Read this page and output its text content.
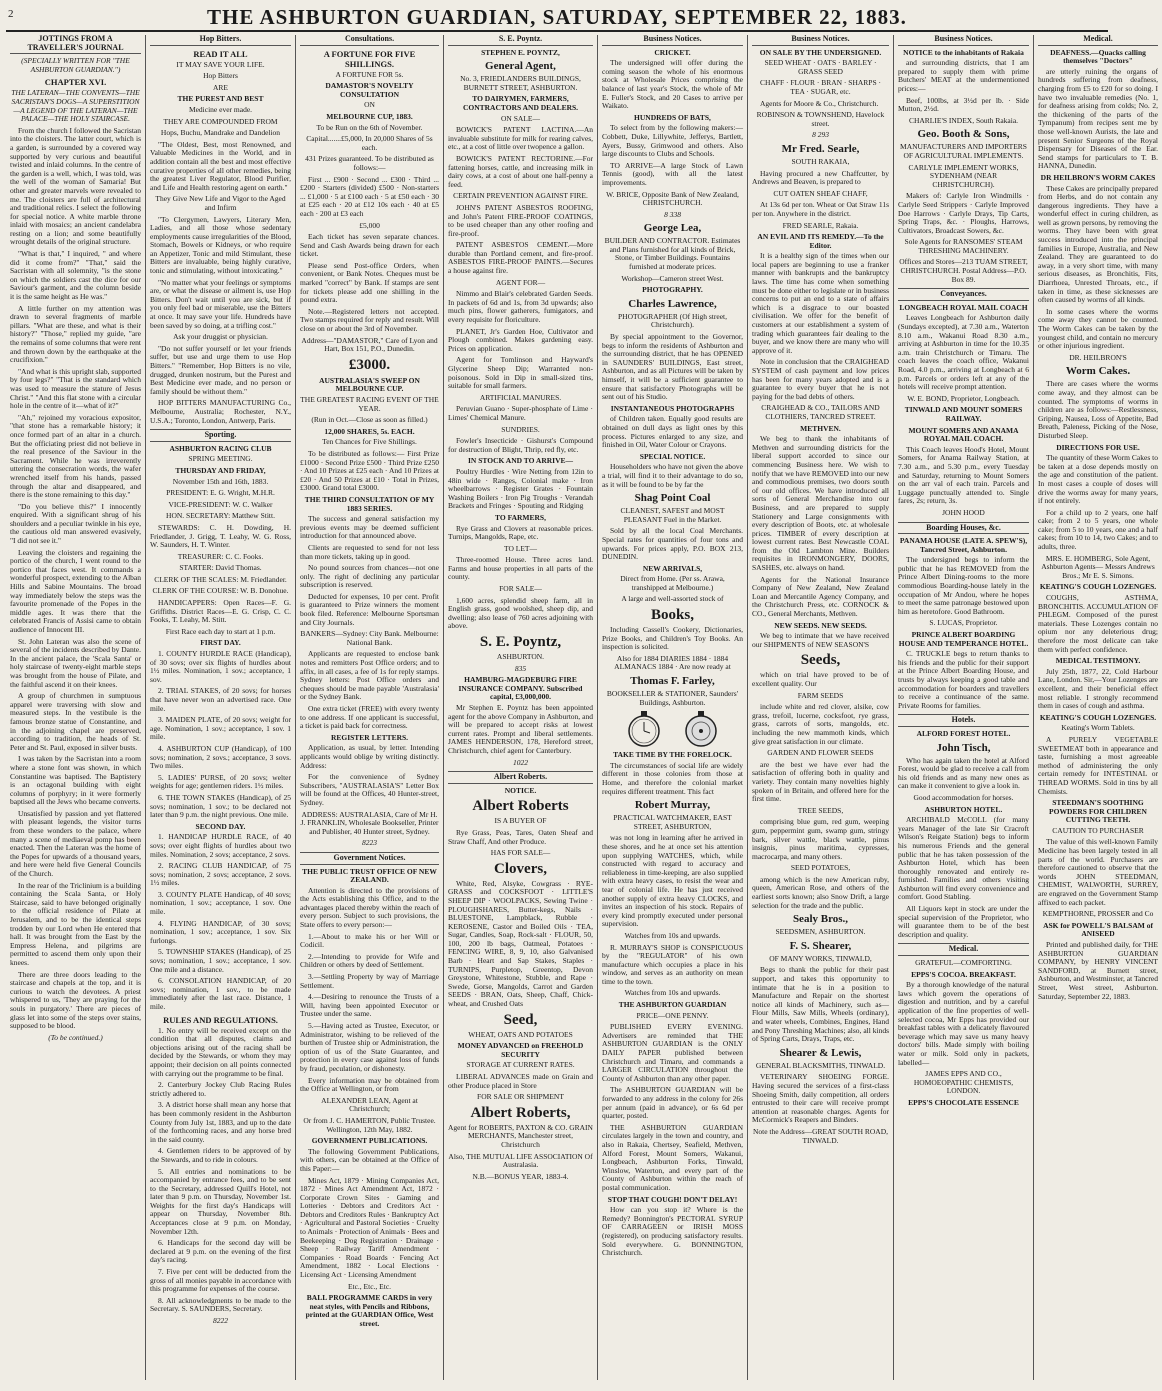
2	THE ASHBURTON GUARDIAN, SATURDAY, SEPTEMBER 22, 1883.
JOTTINGS FROM A TRAVELLER'S JOURNAL

(SPECIALLY WRITTEN FOR "THE ASHBURTON GUARDIAN.")

CHAPTER XVI.

THE LATERAN—THE CONVENTS—THE SACRISTAN'S DOGS—A SUPERSTITION—A LEGEND OF THE LATERAN—THE PALACE—THE HOLY STAIRCASE.

From the church I followed the Sacristan into the cloisters. The latter court, which is a garden, is surrounded by a covered way supported by very curious and beautiful twisted and inlaid columns. In the centre of the garden is a well, which, I was told, was the well of the woman of Samaria! But other and greater marvels were revealed to me. The cloisters are full of architectural and traditional relics. I select the following for special notice. A white marble throne inlaid with mosaics; an ancient candelabra resting on a lion; and some beautifully wrought details of the original structure.

"What is that," I inquired, " and where did it come from?" "That," said the Sacristan with all solemnity, "is the stone on which the soldiers cast the dice for our Saviour's garment, and the column beside it is the same height as He was."

A little further on my attention was drawn to several fragments of marble pillars. "What are these, and what is their history?" "Those," replied my guide, "are the remains of some columns that were rent and thrown down by the earthquake at the crucifixion."

"And what is this upright slab, supported by four legs?" "That is the standard which was used to measure the stature of Jesus Christ." "And this flat stone with a circular hole in the centre of it—what of it?"

"Ah," rejoined my voracious expositor, "that stone has a remarkable history; it once formed part of an altar in a church. But the officiating priest did not believe in the real presence of the Saviour in the Sacrament. While he was irreverently uttering the consecration words, the wafer wrenched itself from his hands, passed through the altar and disappeared, and there is the stone remaining to this day."

"Do you believe this?" I innocently enquired. With a significant shrug of his shoulders and a peculiar twinkle in his eye, the cautious old man answered evasively, "I did not see it."

Leaving the cloisters and regaining the portico of the church, I went round to the portico that faces west. It commands a wonderful prospect, extending to the Alban Hills and Sabine Mountains. The broad way immediately below the steps was the favourite promenade of the Popes in the middle ages. It was there that the celebrated Francis of Assisi came to obtain audience of Innocent III.

St. John Lateran was also the scene of several of the incidents described by Dante. In the ancient palace, the 'Scala Santa' or holy staircase of twenty-eight marble steps was brought from the house of Pilate, and the faithful ascend it on their knees.

A group of churchmen in sumptuous apparel were traversing with slow and measured steps. In the vestibule is the famous bronze statue of Constantine, and in the adjoining chapel are preserved, according to tradition, the heads of St. Peter and St. Paul, exposed in silver busts.

I was taken by the Sacristan into a room where a stone font was shown, in which Constantine was baptised. The Baptistery is an octagonal building with eight columns of porphyry; in it were formerly baptised all the Jews who became converts.

Unsatisfied by passion and yet flattered with pleasant legends, the visitor turns from these wonders to the palace, where many a scene of mediaeval pomp has been enacted. Then the Lateran was the home of the Popes for upwards of a thousand years, and here were held five General Councils of the Church.

In the rear of the Triclinium is a building containing the Scala Santa, or Holy Staircase, said to have belonged originally to the official residence of Pilate at Jerusalem, and to be the identical steps trodden by our Lord when He entered that hall. It was brought from the East by the Empress Helena, and pilgrims are permitted to ascend them only upon their knees.

There are three doors leading to the staircase and chapels at the top, and it is curious to watch the devotees. A priest whispered to us, 'They are praying for the souls in purgatory.' There are pieces of glass let into some of the steps over stains, supposed to be blood.

(To be continued.)

Hop Bitters.
READ IT ALL

IT MAY SAVE YOUR LIFE.

Hop Bitters

ARE

THE PUREST AND BEST

Medicine ever made.

THEY ARE COMPOUNDED FROM

Hops, Buchu, Mandrake and Dandelion

"The Oldest, Best, most Renowned, and Valuable Medicines in the World, and in addition contain all the best and most effective curative properties of all other remedies, being the greatest Liver Regulator, Blood Purifier, and Life and Health restoring agent on earth."

They Give New Life and Vigor to the Aged and Infirm

"To Clergymen, Lawyers, Literary Men, Ladies, and all those whose sedentary employments cause irregularities of the Blood, Stomach, Bowels or Kidneys, or who require an Appetizer, Tonic and mild Stimulant, these Bitters are invaluable, being highly curative, tonic and stimulating, without intoxicating."

"No matter what your feelings or symptoms are, or what the disease or ailment is, use Hop Bitters. Don't wait until you are sick, but if you only feel bad or miserable, use the Bitters at once. It may save your life. Hundreds have been saved by so doing, at a trifling cost."

Ask your druggist or physician.

"Do not suffer yourself or let your friends suffer, but use and urge them to use Hop Bitters." "Remember, Hop Bitters is no vile, drugged, drunken nostrum, but the Purest and Best Medicine ever made, and no person or family should be without them."

HOP BITTERS MANUFACTURING Co., Melbourne, Australia; Rochester, N.Y., U.S.A.; Toronto, London, Antwerp, Paris.

Sporting.
ASHBURTON RACING CLUB

SPRING MEETING.

THURSDAY AND FRIDAY,

November 15th and 16th, 1883.

PRESIDENT: E. G. Wright, M.H.R.

VICE-PRESIDENT: W. C. Walker

HON. SECRETARY: Matthew Stitt.

STEWARDS: C. H. Dowding, H. Friedlander, J. Grigg, T. Leahy, W. G. Ross, W. Saunders, H. T. Winter.

TREASURER: C. C. Fooks.

STARTER: David Thomas.

CLERK OF THE SCALES: M. Friedlander.

CLERK OF THE COURSE: W. B. Donohue.

HANDICAPPERS: Open Races—F. G. Griffiths. District Races—E. G. Crisp, C. C. Fooks, T. Leahy, M. Stitt.

First Race each day to start at 1 p.m.

FIRST DAY.

1. COUNTY HURDLE RACE (Handicap), of 30 sovs; over six flights of hurdles about 1½ miles. Nomination, 1 sov.; acceptance, 1 sov.

2. TRIAL STAKES, of 20 sovs; for horses that have never won an advertised race. One mile.

3. MAIDEN PLATE, of 20 sovs; weight for age. Nomination, 1 sov.; acceptance, 1 sov. 1 mile.

4. ASHBURTON CUP (Handicap), of 100 sovs; nomination, 2 sovs.; acceptance, 3 sovs. Two miles.

5. LADIES' PURSE, of 20 sovs; welter weights for age; gentlemen riders. 1½ miles.

6. THE TOWN STAKES (Handicap), of 25 sovs; nomination, 1 sov.; to be declared not later than 9 p.m. the night previous. One mile.

SECOND DAY.

1. HANDICAP HURDLE RACE, of 40 sovs; over eight flights of hurdles about two miles. Nomination, 2 sovs; acceptance, 2 sovs.

2. RACING CLUB HANDICAP, of 75 sovs; nomination, 2 sovs; acceptance, 2 sovs. 1½ miles.

3. COUNTY PLATE Handicap, of 40 sovs; nomination, 1 sov.; acceptance, 1 sov. One mile.

4. FLYING HANDICAP, of 30 sovs; nomination, 1 sov.; acceptance, 1 sov. Six furlongs.

5. TOWNSHIP STAKES (Handicap), of 25 sovs; nomination, 1 sov.; acceptance, 1 sov. One mile and a distance.

6. CONSOLATION HANDICAP, of 20 sovs; nomination, 1 sov., to be made immediately after the last race. Distance, 1 mile.

RULES AND REGULATIONS.

1. No entry will be received except on the condition that all disputes, claims and objections arising out of the racing shall be decided by the Stewards, or whom they may appoint; their decision on all points connected with carrying out the programme to be final.

2. Canterbury Jockey Club Racing Rules strictly adhered to.

3. A district horse shall mean any horse that has been commonly resident in the Ashburton County from July 1st, 1883, and up to the date of the forthcoming races, and any horse bred in the said county.

4. Gentlemen riders to be approved of by the Stewards, and to ride in colours.

5. All entries and nominations to be accompanied by entrance fees, and to be sent to the Secretary, addressed Quill's Hotel, not later than 9 p.m. on Thursday, November 1st. Weights for the first day's Handicaps will appear on Thursday, November 8th. Acceptances close at 9 p.m. on Monday, November 12th.

6. Handicaps for the second day will be declared at 9 p.m. on the evening of the first day's racing.

7. Five per cent will be deducted from the gross of all monies payable in accordance with this programme for expenses of the course.

8. All acknowledgments to be made to the Secretary. S. SAUNDERS, Secretary.

8222

Consultations.
A FORTUNE FOR FIVE SHILLINGS.

A FORTUNE FOR 5s.

DAMASTOR'S NOVELTY CONSULTATION

ON

MELBOURNE CUP, 1883.

To be Run on the 6th of November.

Capital.......£5,000, In 20,000 Shares of 5s each.

431 Prizes guaranteed. To be distributed as follows:—

First ... £900 · Second ... £300 · Third ... £200 · Starters (divided) £500 · Non-starters ... £1,000 · 5 at £100 each · 5 at £50 each · 30 at £25 each · 20 at £12 10s each · 40 at £5 each · 200 at £3 each

£5,000

Each ticket has seven separate chances. Send and Cash Awards being drawn for each ticket.

Please send Post-office Orders, when convenient, or Bank Notes. Cheques must be marked "correct" by Bank. If stamps are sent for tickets please add one shilling in the pound extra.

Note.—Registered letters not accepted. Two stamps required for reply and result. Will close on or about the 3rd of November.

Address—"DAMASTOR," Care of Lyon and Hart, Box 151, P.O., Dunedin.

£3000.
AUSTRALASIA'S SWEEP ON MELBOURNE CUP.

THE GREATEST RACING EVENT OF THE YEAR.

(Run in Oct.—Close as soon as filled.)

12,000 SHARES, 5s. EACH.

Ten Chances for Five Shillings.

To be distributed as follows:— First Prize £1000 · Second Prize £500 · Third Prize £250 · And 10 Prizes at £25 each · And 10 Prizes at £20 · And 50 Prizes at £10 · Total in Prizes, £3000. Grand total £3000.

THE THIRD CONSULTATION OF MY 1883 SERIES.

The success and general satisfaction my previous events may be deemed sufficient introduction for that announced above.

Clients are requested to send for not less than more tickets, taking up in good.

No pound sources from chances—not one only. The right of declining any particular subscription is reserved.

Deducted for expenses, 10 per cent. Profit is guaranteed to Prize winners the moment book filed. Reference: Melbourne Sportsman and City Journals.

BANKERS—Sydney: City Bank. Melbourne: National Bank.

Applicants are requested to enclose bank notes and remitters Post Office orders; and to affix, in all cases, a fee of 1s for reply stamps. Sydney letters: Post Office orders and cheques should be made payable 'Australasia' or the Sydney Bank.

One extra ticket (FREE) with every twenty to one address. If one applicant is successful, a ticket is paid back for correctness.

REGISTER LETTERS.

Application, as usual, by letter. Intending applicants would oblige by writing distinctly. Address:

For the convenience of Sydney Subscribers, "AUSTRALASIA'S" Letter Box will be found at the Offices, 40 Hunter-street, Sydney.

ADDRESS: AUSTRALASIA, Care of Mr H. J. FRANKLIN, Wholesale Bookseller, Printer and Publisher, 40 Hunter street, Sydney.

8223

Government Notices.
THE PUBLIC TRUST OFFICE OF NEW ZEALAND.

Attention is directed to the provisions of the Acts establishing this Office, and to the advantages placed thereby within the reach of every person. Subject to such provisions, the State offers to every person:—

1.—About to make his or her Will or Codicil.

2.—Intending to provide for Wife and Children or others by deed of Settlement.

3.—Settling Property by way of Marriage Settlement.

4.—Desiring to renounce the Trusts of a Will, having been appointed Executor or Trustee under the same.

5.—Having acted as Trustee, Executor, or Administrator, wishing to be relieved of the burthen of Trustee ship or Administration, the option of us of the State Guarantee, and protection in every case against loss of funds by fraud, peculation, or dishonesty.

Every information may be obtained from the Office at Wellington, or from

ALEXANDER LEAN, Agent at Christchurch;

Or from J. C. HAMERTON, Public Trustee. Wellington, 12th May, 1882.

GOVERNMENT PUBLICATIONS.

The following Government Publications, with others, can be obtained at the Office of this Paper:—

Mines Act, 1879 · Mining Companies Act, 1872 · Mines Act Amendment Act, 1872 · Corporate Crown Sites · Gaming and Lotteries · Debtors and Creditors Act · Debtors and Creditors Rules · Bankruptcy Act · Agricultural and Pastoral Societies · Cruelty to Animals · Protection of Animals · Bees and Beekeeping · Dog Registration · Drainage · Sheep · Railway Tariff Amendment · Companies · Road Boards · Fencing Act Amendment, 1882 · Local Elections · Licensing Act · Licensing Amendment

Etc., Etc., Etc.

BALL PROGRAMME CARDS in very neat styles, with Pencils and Ribbons, printed at the GUARDIAN Office, West street.
S. E. Poyntz.
STEPHEN E. POYNTZ,
General Agent,

No. 3, FRIEDLANDERS BUILDINGS, BURNETT STREET, ASHBURTON.

TO DAIRYMEN, FARMERS, CONTRACTORS AND DEALERS.

ON SALE—

BOWICK'S PATENT LACTINA.—An invaluable substitute for milk for rearing calves, etc., at a cost of little over twopence a gallon.

BOWICK'S PATENT RECTORINE.—For fattening horses, cattle, and increasing milk in dairy cows, at a cost of about one half-penny a feed.

CERTAIN PREVENTION AGAINST FIRE.

JOHN'S PATENT ASBESTOS ROOFING, and John's Patent FIRE-PROOF COATINGS, to be used cheaper than any other roofing and fire-proof.

PATENT ASBESTOS CEMENT.—More durable than Portland cement, and fire-proof. ASBESTOS FIRE-PROOF PAINTS.—Secures a house against fire.

AGENT FOR—

Nimmo and Blair's celebrated Garden Seeds. In packets of 6d and 1s, from 3d upwards; also much pins, flower gatherers, fumigators, and every requisite for floriculture.

PLANET, Jr's Garden Hoe, Cultivator and Plough combined. Makes gardening easy. Prices on application.

Agent for Tomlinson and Hayward's Glycerine Sheep Dip; Warranted non-poisonous. Sold in Dip in small-sized tins, suitable for small farmers.

ARTIFICIAL MANURES.

Peruvian Guano · Super-phosphate of Lime · Limes' Chemical Manure.

SUNDRIES.

Fowler's Insecticide · Gishurst's Compound for destruction of Blight, Thrip, red fly, etc.

IN STOCK AND TO ARRIVE—

Poultry Hurdles · Wire Netting from 12in to 48in wide · Ranges, Colonial make · Iron wheelbarrows · Register Grates · Fountain Washing Boilers · Iron Pig Troughs · Verandah Brackets and Fringes · Spouting and Ridging

TO FARMERS,

Rye Grass and Clovers at reasonable prices. Turnips, Mangolds, Rape, etc.

TO LET—

Three-roomed House. Three acres land. Farms and house properties in all parts of the county.

FOR SALE—

1,600 acres, splendid sheep farm, all in English grass, good woolshed, sheep dip, and dwelling; also lease of 760 acres adjoining with above.

S. E. Poyntz,

ASHBURTON.

835

HAMBURG-MAGDEBURG FIRE INSURANCE COMPANY. Subscribed capital, £3,000,000.

Mr Stephen E. Poyntz has been appointed agent for the above Company in Ashburton, and will be prepared to accept risks at lowest current rates. Prompt and liberal settlements. JAMES HENDERSON, 178, Hereford street, Christchurch, chief agent for Canterbury.

1022

Albert Roberts.
NOTICE.
Albert Roberts

IS A BUYER OF

Rye Grass, Peas, Tares, Oaten Sheaf and Straw Chaff, And other Produce.

HAS FOR SALE—

Clovers,

White, Red, Alsyke, Cowgrass · RYE-GRASS and COCKSFOOT · LITTLE'S SHEEP DIP · WOOLPACKS, Sewing Twine · PLOUGHSHARES, Butter-kegs, Nails · BLUESTONE, Lampblack, Rubble · KEROSENE, Castor and Boiled Oils · TEA, Sugar, Candles, Soap, Rock-salt · FLOUR, 50, 100, 200 lb bags, Oatmeal, Potatoes · FENCING WIRE, 8, 9, 10, also Galvanised Barb · Heart and Sap Stakes, Staples · TURNIPS, Purpletop, Greentop, Devon Greystone, Whitestone, Stubble, and Rape · Swede, Gorse, Mangolds, Carrot and Garden SEEDS · BRAN, Oats, Sheep, Chaff, Chick-wheat, and Crushed Oats

Seed,

WHEAT, OATS AND POTATOES

MONEY ADVANCED on FREEHOLD SECURITY

STORAGE AT CURRENT RATES.

LIBERAL ADVANCES made on Grain and other Produce placed in Store

FOR SALE OR SHIPMENT

Albert Roberts,

Agent for ROBERTS, PAXTON & CO. GRAIN MERCHANTS, Manchester street, Christchurch

Also, THE MUTUAL LIFE ASSOCIATION Of Australasia.

N.B.—BONUS YEAR, 1883-4.

Business Notices.
CRICKET.

The undersigned will offer during the coming season the whole of his enormous stock at Wholesale Prices comprising the balance of last year's Stock, the whole of Mr E. Fuller's Stock, and 20 Cases to arrive per Waikato.

HUNDREDS OF BATS,

To select from by the following makers:—Cobbett, Duke, Lillywhite, Jefferys, Bartlett, Ayers, Bussy, Grimwood and others. Also large discounts to Clubs and Schools.

TO ARRIVE—A large Stock of Lawn Tennis (good), with all the latest improvements.

W. BRICE, Opposite Bank of New Zealand, CHRISTCHURCH.

8 338

George Lea,

BUILDER AND CONTRACTOR. Estimates and Plans furnished for all kinds of Brick, Stone, or Timber Buildings. Fountains furnished at moderate prices.

Workshop—Cameron street West.

PHOTOGRAPHY.
Charles Lawrence,

PHOTOGRAPHER (Of High street, Christchurch).

By special appointment to the Governor, begs to inform the residents of Ashburton and the surrounding district, that he has OPENED in SAUNDERS' BUILDINGS, East street, Ashburton, and as all Pictures will be taken by himself, it will be a sufficient guarantee to ensure that satisfactory Photographs will be sent out of his Studio.

INSTANTANEOUS PHOTOGRAPHS

of Children taken. Equally good results are obtained on dull days as light ones by this process. Pictures enlarged to any size, and finished in Oil, Water Colour or Crayons.

SPECIAL NOTICE.

Householders who have not given the above a trial, will find it to their advantage to do so, as it will be found to be by far the

Shag Point Coal

CLEANEST, SAFEST and MOST PLEASANT Fuel in the Market.

Sold by all the local Coal Merchants. Special rates for quantities of four tons and upwards. For prices apply, P.O. BOX 213, DUNEDIN.

NEW ARRIVALS,

Direct from Home. (Per ss. Arawa, transhipped at Melbourne.)

A large and well-assorted stock of

Books,

Including Cassell's Cookery, Dictionaries, Prize Books, and Children's Toy Books. An inspection is solicited.

Also for 1884 DIARIES 1884 · 1884 ALMANACS 1884 · Are now ready at

Thomas F. Farley,

BOOKSELLER & STATIONER, Saunders' Buildings, Ashburton.

TAKE TIME BY THE FORELOCK.

The circumstances of social life are widely different in those colonies from those at Home, and therefore the colonial market requires different treatment. This fact

Robert Murray,

PRACTICAL WATCHMAKER, EAST STREET, ASHBURTON,

was not long in learning after he arrived in these shores, and he at once set his attention upon supplying WATCHES, which, while constructed with regard to accuracy and reliableness in time-keeping, are also supplied with extra heavy cases, to resist the wear and tear of colonial life. He has just received another supply of extra heavy CLOCKS, and invites an inspection of his stock. Repairs of every kind promptly executed under personal supervision.

Watches from 10s and upwards.

R. MURRAY'S SHOP is CONSPICUOUS by the "REGULATOR" of his own manufacture which occupies a place in his window, and serves as an authority on mean time to the town.

Watches from 10s and upwards.

THE ASHBURTON GUARDIAN

PRICE—ONE PENNY.

PUBLISHED EVERY EVENING. Advertisers are reminded that THE ASHBURTON GUARDIAN is the ONLY DAILY PAPER published between Christchurch and Timaru, and commands a LARGER CIRCULATION throughout the County of Ashburton than any other paper.

The ASHBURTON GUARDIAN will be forwarded to any address in the colony for 26s per annum (paid in advance), or 6s 6d per quarter, posted.

THE ASHBURTON GUARDIAN circulates largely in the town and country, and also in Rakaia, Chertsey, Seafield, Methven, Alford Forest, Mount Somers, Wakanui, Longbeach, Ashburton Forks, Tinwald, Winslow, Waterton, and every part of the County of Ashburton within the reach of postal communication.

STOP THAT COUGH! DON'T DELAY!

How can you stop it? Where is the Remedy? Bonnington's PECTORAL SYRUP OF CARRAGEEN or IRISH MOSS (registered), on producing satisfactory results. Sold everywhere. G. BONNINGTON, Christchurch.

Business Notices.
ON SALE BY THE UNDERSIGNED.

SEED WHEAT · OATS · BARLEY · GRASS SEED

CHAFF · FLOUR · BRAN · SHARPS · TEA · SUGAR, etc.

Agents for Moore & Co., Christchurch.

ROBINSON & TOWNSHEND, Havelock street.

8 293

Mr Fred. Searle,

SOUTH RAKAIA,

Having procured a new Chaffcutter, by Andrews and Beaven, is prepared to

CUT OATEN SHEAF CHAFF,

At 13s 6d per ton. Wheat or Oat Straw 11s per ton. Anywhere in the district.

FRED SEARLE, Rakaia.

AN EVIL AND ITS REMEDY.—To the Editor.

It is a healthy sign of the times when our local papers are beginning to use a franker manner with bankrupts and the bankruptcy laws. The time has come when something must be done either to legislate or in business concerns to put an end to a state of affairs which is a disgrace to our boasted civilisation. We offer for the benefit of customers at our establishment a system of trading which guarantees fair dealing to the buyer, and we know there are many who will approve of it.

Note in conclusion that the CRAIGHEAD SYSTEM of cash payment and low prices has been for many years adopted and is a guarantee to every buyer that he is not paying for the bad debts of others.

CRAIGHEAD & CO., TAILORS AND CLOTHIERS, TANCRED STREET.

METHVEN.

We beg to thank the inhabitants of Methven and surrounding districts for the liberal support accorded to since our commencing Business here. We wish to notify that we have REMOVED into our new and commodious premises, two doors south of our old offices. We have introduced all sorts of General Merchandise into our Business, and are prepared to supply Stationery and Large consignments with every description of Boots, etc. at wholesale prices. TIMBER of every description at lowest current rates. Best Newcastle COAL from the Old Lambton Mine. Builders requisites in IRONMONGERY, DOORS, SASHES, etc. always on hand.

Agents for the National Insurance Company of New Zealand, New Zealand Loan and Mercantile Agency Company, and the Christchurch Press, etc. CORNOCK & CO., General Merchants, Methven.

NEW SEEDS. NEW SEEDS.

We beg to intimate that we have received our SHIPMENTS of NEW SEASON'S

Seeds,

which on trial have proved to be of excellent quality. Our

FARM SEEDS

include white and red clover, alsike, cow grass, trefoil, lucerne, cocksfoot, rye grass, grass, carrots of sorts, mangolds, etc. including the new mammoth kinds, which give great satisfaction in our climate.

GARDEN AND FLOWER SEEDS

are the best we have ever had the satisfaction of offering both in quality and variety. They contain many novelties highly spoken of in Britain, and offered here for the first time.

TREE SEEDS,

comprising blue gum, red gum, weeping gum, peppermint gum, swamp gum, stringy bark, silver wattle, black wattle, pinus insignis, pinus maritima, cypresses, macrocarpa, and many others.

SEED POTATOES,

among which is the new American ruby, queen, American Rose, and others of the earliest sorts known; also Snow Drift, a large selection for the trade and the public.

Sealy Bros.,

SEEDSMEN, ASHBURTON.

F. S. Shearer,

OF MANY WORKS, TINWALD,

Begs to thank the public for their past support, and takes this opportunity to intimate that he is in a position to Manufacture and Repair on the shortest notice all kinds of Machinery, such as—Flour Mills, Saw Mills, Wheels (ordinary), and water wheels, Combines, Engines, Hand and Pony Threshing Machines; also, all kinds of Spring Carts, Drays, Traps, etc.

Shearer & Lewis,

GENERAL BLACKSMITHS, TINWALD.

VETERINARY SHOEING FORGE. Having secured the services of a first-class Shoeing Smith, daily competition, all orders entrusted to their care will receive prompt attention at reasonable charges. Agents for McCormick's Reapers and Binders.

Note the Address—GREAT SOUTH ROAD, TINWALD.

Business Notices.
NOTICE to the inhabitants of Rakaia

and surrounding districts, that I am prepared to supply them with prime Butchers' MEAT at the undermentioned prices:—

Beef, 100lbs, at 3½d per lb. · Side Mutton, 2½d.

CHARLIE'S INDEX, South Rakaia.

Geo. Booth & Sons,

MANUFACTURERS AND IMPORTERS OF AGRICULTURAL IMPLEMENTS.

CARLYLE IMPLEMENT WORKS, SYDENHAM (NEAR CHRISTCHURCH).

Makers of: Carlyle Iron Windmills · Carlyle Seed Strippers · Carlyle Improved Doe Harrows · Carlyle Drays, Tip Carts, Spring Traps, &c. · Ploughs, Harrows, Cultivators, Broadcast Sowers, &c.

Sole Agents for RANSOMES' STEAM THRESHING MACHINERY.

Offices and Stores—213 TUAM STREET, CHRISTCHURCH. Postal Address—P.O. Box 89.

Conveyances.
LONGBEACH ROYAL MAIL COACH

Leaves Longbeach for Ashburton daily (Sundays excepted), at 7.30 a.m., Waterton 8.10 a.m., Wakanui Road 8.30 a.m., arriving at Ashburton in time for the 10.35 a.m. train Christchurch or Timaru. The coach leaves the coach office, Wakanui Road, 4.0 p.m., arriving at Longbeach at 6 p.m. Parcels or orders left at any of the hotels will receive prompt attention.

W. E. BOND, Proprietor, Longbeach.

TINWALD AND MOUNT SOMERS RAILWAY.
MOUNT SOMERS AND ANAMA ROYAL MAIL COACH.

This Coach leaves Hood's Hotel, Mount Somers, for Anama Railway Station, at 7.30 a.m., and 5.30 p.m., every Tuesday and Saturday, returning to Mount Somers on the arr val of each train. Parcels and Luggage punctually attended to. Single fares, 2s; return, 3s.

JOHN HOOD

Boarding Houses, &c.
PANAMA HOUSE (LATE A. SPEW'S), Tancred Street, Ashburton.

The undersigned begs to inform the public that he has REMOVED from the Prince Albert Dining-rooms to the more commodious Boarding-house lately in the occupation of Mr Andou, where he hopes to meet the same patronage bestowed upon him as heretofore. Good Bathroom.

S. LUCAS, Proprietor.

PRINCE ALBERT BOARDING HOUSE AND TEMPERANCE HOTEL.

C. TRUCKLE begs to return thanks to his friends and the public for their support at the Prince Albert Boarding House, and trusts by always keeping a good table and accommodation for boarders and travellers to receive a continuance of the same. Private Rooms for families.

Hotels.
ALFORD FOREST HOTEL.
John Tisch,

Who has again taken the hotel at Alford Forest, would be glad to receive a call from his old friends and as many new ones as can make it convenient to give a look in.

Good accommodation for horses.

ASHBURTON HOTEL.

ARCHIBALD McCOLL (for many years Manager of the late Sir Cracroft Wilson's Reigate Station) begs to inform his numerous Friends and the general public that he has taken possession of the Ashburton Hotel, which has been thoroughly renovated and entirely re-furnished. Families and others visiting Ashburton will find every convenience and comfort. Good Stabling.

All Liquors kept in stock are under the special supervision of the Proprietor, who will guarantee them to be of the best description and quality.

Medical.

GRATEFUL—COMFORTING.

EPPS'S COCOA. BREAKFAST.

By a thorough knowledge of the natural laws which govern the operations of digestion and nutrition, and by a careful application of the fine properties of well-selected cocoa, Mr Epps has provided our breakfast tables with a delicately flavoured beverage which may save us many heavy doctors' bills. Made simply with boiling water or milk. Sold only in packets, labelled—

JAMES EPPS AND CO., HOMOEOPATHIC CHEMISTS, LONDON.

EPPS'S CHOCOLATE ESSENCE
Medical.
DEAFNESS.—Quacks calling themselves "Doctors"

are utterly ruining the organs of hundreds suffering from deafness, charging from £5 to £20 for so doing. I have two invaluable remedies (No. 1, for deafness arising from colds; No. 2, the thickening of the parts of the Tympanum) from recipes sent me by those well-known Aurists, the late and present Senior Surgeons of the Royal Dispensary for Diseases of the Ear. Send stamps for particulars to T. B. HANNA, Dunedin.

DR HEILBRON'S WORM CAKES

These Cakes are principally prepared from Herbs, and do not contain any dangerous ingredients. They have a wonderful effect in curing children, as well as grown persons, by removing the worms. They have been with great success introduced into the principal families in Europe, Australia, and New Zealand. They are guaranteed to do away, in a very short time, with many serious diseases, as Bronchitis, Fits, Diarrhoea, Unrested Throats, etc., if taken in time, as these sicknesses are often caused by worms of all kinds.

In some cases where the worms come away they cannot be counted. The Worm Cakes can be taken by the youngest child, and contain no mercury or other injurious ingredient.

DR. HEILBRON'S

Worm Cakes.

There are cases where the worms come away, and they almost can be counted. The symptoms of worms in children are as follows:—Restlessness, Griping, Nausea, Loss of Appetite, Bad Breath, Paleness, Picking of the Nose, Disturbed Sleep.

DIRECTIONS FOR USE.

The quantity of these Worm Cakes to be taken at a dose depends mostly on the age and constitution of the patient. In most cases a couple of doses will drive the worms away for many years, if not entirely.

For a child up to 2 years, one half cake; from 2 to 5 years, one whole cake; from 5 to 10 years, one and a half cakes; from 10 to 14, two Cakes; and to adults, three.

MRS. E. HOMBERG, Sole Agent, Ashburton Agents— Messrs Andrews Bros.; Mr E. S. Simons.

KEATING'S COUGH LOZENGES.

COUGHS, ASTHMA, BRONCHITIS. ACCUMULATION OF PHLEGM. Composed of the purest materials. These Lozenges contain no opium nor any deleterious drug; therefore the most delicate can take them with perfect confidence.

MEDICAL TESTIMONY.

July 25th, 1877, 22, Cold Harbour Lane, London. Sir,—Your Lozenges are excellent, and their beneficial effect most reliable. I strongly recommend them in cases of cough and asthma.

KEATING'S COUGH LOZENGES.

Keating's Worm Tablets.

A PURELY VEGETABLE SWEETMEAT both in appearance and taste, furnishing a most agreeable method of administering the only certain remedy for INTESTINAL or THREAD WORMS. Sold in tins by all Chemists.

STEEDMAN'S SOOTHING POWDERS FOR CHILDREN CUTTING TEETH.

CAUTION TO PURCHASER

The value of this well-known Family Medicine has been largely tested in all parts of the world. Purchasers are therefore cautioned to observe that the words JOHN STEEDMAN, CHEMIST, WALWORTH, SURREY, are engraved on the Government Stamp affixed to each packet.

KEMPTHORNE, PROSSER and Co

ASK for POWELL'S BALSAM of ANISEED

Printed and published daily, for THE ASHBURTON GUARDIAN COMPANY, by HENRY VINCENT SANDFORD, at Burnett street, Ashburton, and Westminster, at Tancred Street, West street, Ashburton. Saturday, September 22, 1883.
